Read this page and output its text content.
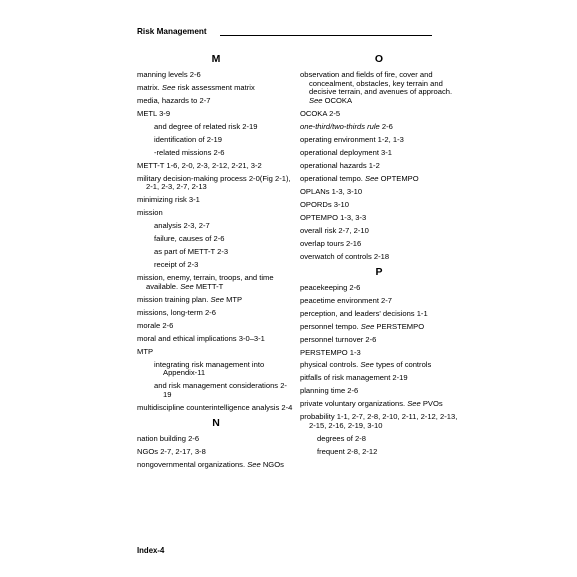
Risk Management
M
manning levels 2-6
matrix. See risk assessment matrix
media, hazards to 2-7
METL 3-9
and degree of related risk 2-19
identification of 2-19
-related missions 2-6
METT-T 1-6, 2-0, 2-3, 2-12, 2-21, 3-2
military decision-making process 2-0(Fig 2-1), 2-1, 2-3, 2-7, 2-13
minimizing risk 3-1
mission
analysis 2-3, 2-7
failure, causes of 2-6
as part of METT-T 2-3
receipt of 2-3
mission, enemy, terrain, troops, and time available. See METT-T
mission training plan. See MTP
missions, long-term 2-6
morale 2-6
moral and ethical implications 3-0–3-1
MTP
integrating risk management into Appendix-11
and risk management considerations 2-19
multidiscipline counterintelligence analysis 2-4
N
nation building 2-6
NGOs 2-7, 2-17, 3-8
nongovernmental organizations. See NGOs
O
observation and fields of fire, cover and concealment, obstacles, key terrain and decisive terrain, and avenues of approach. See OCOKA
OCOKA 2-5
one-third/two-thirds rule 2-6
operating environment 1-2, 1-3
operational deployment 3-1
operational hazards 1-2
operational tempo. See OPTEMPO
OPLANs 1-3, 3-10
OPORDs 3-10
OPTEMPO 1-3, 3-3
overall risk 2-7, 2-10
overlap tours 2-16
overwatch of controls 2-18
P
peacekeeping 2-6
peacetime environment 2-7
perception, and leaders' decisions 1-1
personnel tempo. See PERSTEMPO
personnel turnover 2-6
PERSTEMPO 1-3
physical controls. See types of controls
pitfalls of risk management 2-19
planning time 2-6
private voluntary organizations. See PVOs
probability 1-1, 2-7, 2-8, 2-10, 2-11, 2-12, 2-13, 2-15, 2-16, 2-19, 3-10
degrees of 2-8
frequent 2-8, 2-12
Index-4
